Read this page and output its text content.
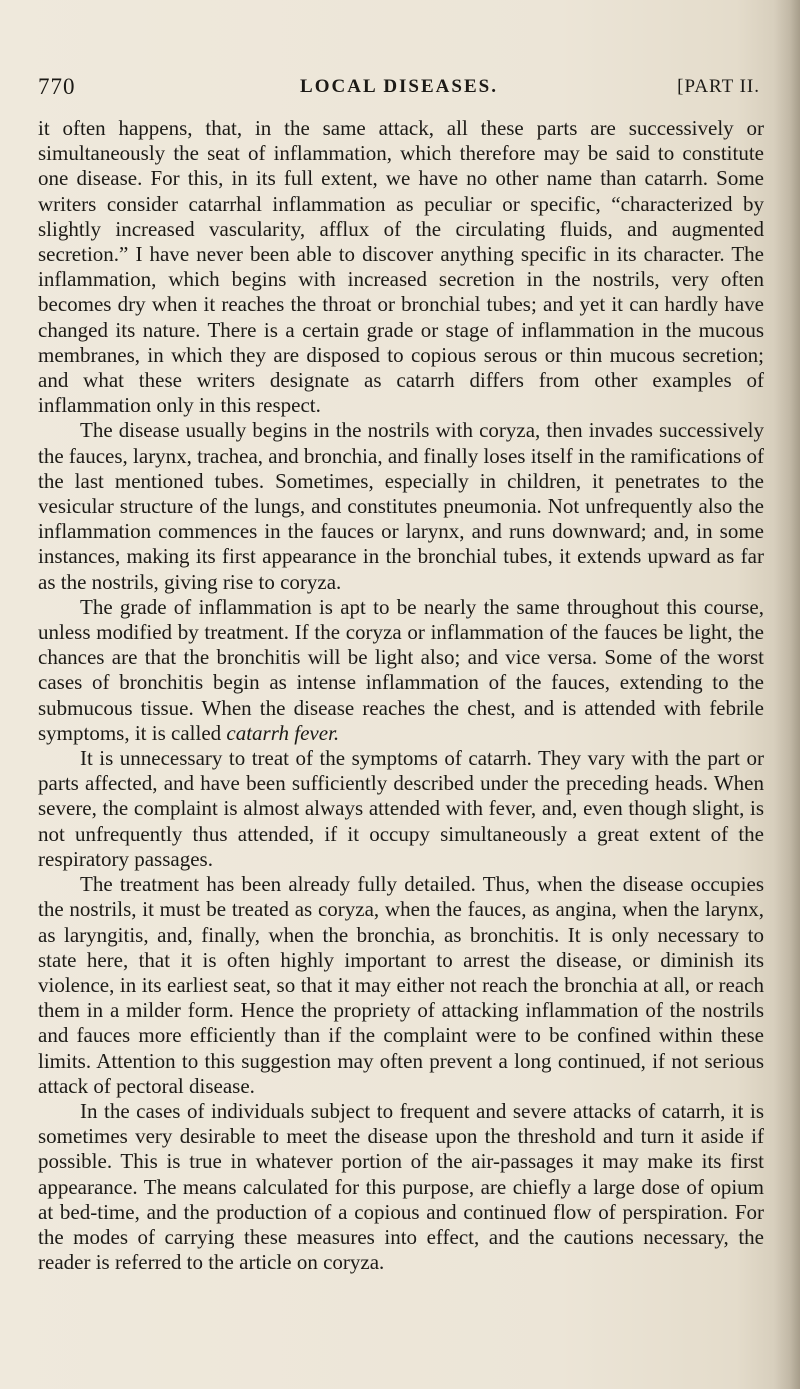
770	LOCAL DISEASES.	[PART II.

it often happens, that, in the same attack, all these parts are successively or simultaneously the seat of inflammation, which therefore may be said to constitute one disease. For this, in its full extent, we have no other name than catarrh. Some writers consider catarrhal inflammation as peculiar or specific, “characterized by slightly increased vascularity, afflux of the circulating fluids, and augmented secretion.” I have never been able to discover anything specific in its character. The inflammation, which begins with increased secretion in the nostrils, very often becomes dry when it reaches the throat or bronchial tubes; and yet it can hardly have changed its nature. There is a certain grade or stage of inflammation in the mucous membranes, in which they are disposed to copious serous or thin mucous secretion; and what these writers designate as catarrh differs from other examples of inflammation only in this respect.

The disease usually begins in the nostrils with coryza, then invades successively the fauces, larynx, trachea, and bronchia, and finally loses itself in the ramifications of the last mentioned tubes. Sometimes, especially in children, it penetrates to the vesicular structure of the lungs, and constitutes pneumonia. Not unfrequently also the inflammation commences in the fauces or larynx, and runs downward; and, in some instances, making its first appearance in the bronchial tubes, it extends upward as far as the nostrils, giving rise to coryza.

The grade of inflammation is apt to be nearly the same throughout this course, unless modified by treatment. If the coryza or inflammation of the fauces be light, the chances are that the bronchitis will be light also; and vice versa. Some of the worst cases of bronchitis begin as intense inflammation of the fauces, extending to the submucous tissue. When the disease reaches the chest, and is attended with febrile symptoms, it is called catarrh fever.

It is unnecessary to treat of the symptoms of catarrh. They vary with the part or parts affected, and have been sufficiently described under the preceding heads. When severe, the complaint is almost always attended with fever, and, even though slight, is not unfrequently thus attended, if it occupy simultaneously a great extent of the respiratory passages.

The treatment has been already fully detailed. Thus, when the disease occupies the nostrils, it must be treated as coryza, when the fauces, as angina, when the larynx, as laryngitis, and, finally, when the bronchia, as bronchitis. It is only necessary to state here, that it is often highly important to arrest the disease, or diminish its violence, in its earliest seat, so that it may either not reach the bronchia at all, or reach them in a milder form. Hence the propriety of attacking inflammation of the nostrils and fauces more efficiently than if the complaint were to be confined within these limits. Attention to this suggestion may often prevent a long continued, if not serious attack of pectoral disease.

In the cases of individuals subject to frequent and severe attacks of catarrh, it is sometimes very desirable to meet the disease upon the threshold and turn it aside if possible. This is true in whatever portion of the air-passages it may make its first appearance. The means calculated for this purpose, are chiefly a large dose of opium at bed-time, and the production of a copious and continued flow of perspiration. For the modes of carrying these measures into effect, and the cautions necessary, the reader is referred to the article on coryza.
